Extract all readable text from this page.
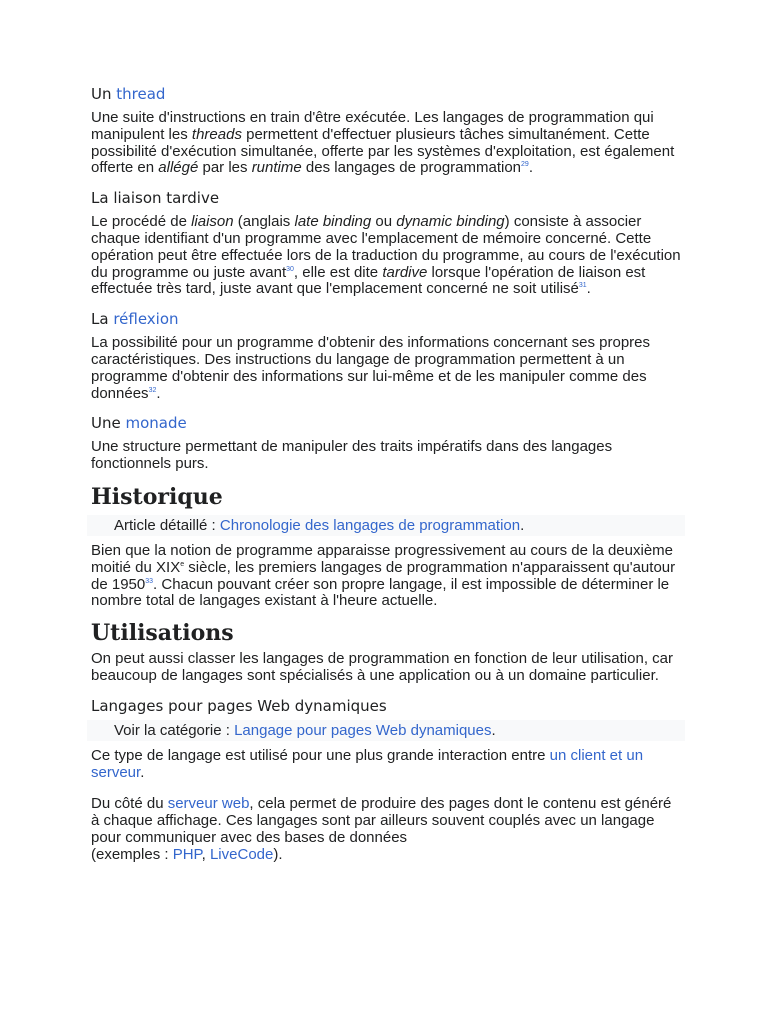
Un thread

Une suite d'instructions en train d'être exécutée. Les langages de programmation qui manipulent les threads permettent d'effectuer plusieurs tâches simultanément. Cette possibilité d'exécution simultanée, offerte par les systèmes d'exploitation, est également offerte en allégé par les runtime des langages de programmation$^{29}$.

La liaison tardive

Le procédé de liaison (anglais late binding ou dynamic binding) consiste à associer chaque identifiant d'un programme avec l'emplacement de mémoire concerné. Cette opération peut être effectuée lors de la traduction du programme, au cours de l'exécution du programme ou juste avant$^{30}$, elle est dite tardive lorsque l'opération de liaison est effectuée très tard, juste avant que l'emplacement concerné ne soit utilisé$^{31}$.

La réflexion

La possibilité pour un programme d'obtenir des informations concernant ses propres caractéristiques. Des instructions du langage de programmation permettent à un programme d'obtenir des informations sur lui-même et de les manipuler comme des données$^{32}$.

Une monade

Une structure permettant de manipuler des traits impératifs dans des langages fonctionnels purs.

Historique
Article détaillé : Chronologie des langages de programmation.

Bien que la notion de programme apparaisse progressivement au cours de la deuxième moitié du XIXe siècle, les premiers langages de programmation n'apparaissent qu'autour de 1950$^{33}$. Chacun pouvant créer son propre langage, il est impossible de déterminer le nombre total de langages existant à l'heure actuelle.

Utilisations

On peut aussi classer les langages de programmation en fonction de leur utilisation, car beaucoup de langages sont spécialisés à une application ou à un domaine particulier.

Langages pour pages Web dynamiques
Voir la catégorie : Langage pour pages Web dynamiques.

Ce type de langage est utilisé pour une plus grande interaction entre un client et un serveur.

Du côté du serveur web, cela permet de produire des pages dont le contenu est généré à chaque affichage. Ces langages sont par ailleurs souvent couplés avec un langage pour communiquer avec des bases de données
(exemples : PHP, LiveCode).
